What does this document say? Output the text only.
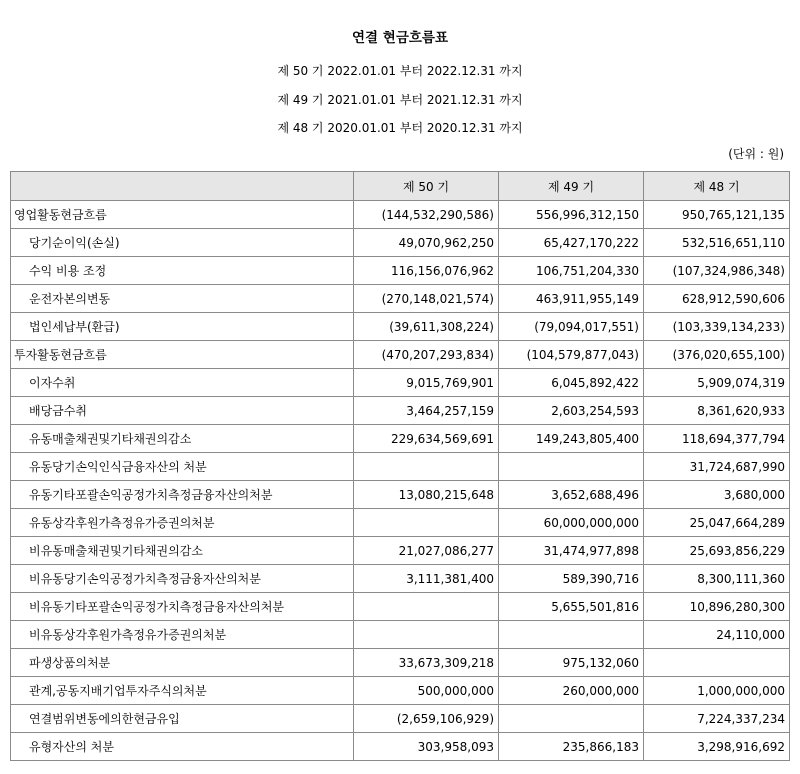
연결 현금흐름표
제 50 기 2022.01.01 부터 2022.12.31 까지
제 49 기 2021.01.01 부터 2021.12.31 까지
제 48 기 2020.01.01 부터 2020.12.31 까지
(단위 : 원)
	제 50 기	제 49 기	제 48 기
영업활동현금흐름	(144,532,290,586)	556,996,312,150	950,765,121,135
당기순이익(손실)	49,070,962,250	65,427,170,222	532,516,651,110
수익 비용 조정	116,156,076,962	106,751,204,330	(107,324,986,348)
운전자본의변동	(270,148,021,574)	463,911,955,149	628,912,590,606
법인세납부(환급)	(39,611,308,224)	(79,094,017,551)	(103,339,134,233)
투자활동현금흐름	(470,207,293,834)	(104,579,877,043)	(376,020,655,100)
이자수취	9,015,769,901	6,045,892,422	5,909,074,319
배당금수취	3,464,257,159	2,603,254,593	8,361,620,933
유동매출채권및기타채권의감소	229,634,569,691	149,243,805,400	118,694,377,794
유동당기손익인식금융자산의 처분			31,724,687,990
유동기타포괄손익공정가치측정금융자산의처분	13,080,215,648	3,652,688,496	3,680,000
유동상각후원가측정유가증권의처분		60,000,000,000	25,047,664,289
비유동매출채권및기타채권의감소	21,027,086,277	31,474,977,898	25,693,856,229
비유동당기손익공정가치측정금융자산의처분	3,111,381,400	589,390,716	8,300,111,360
비유동기타포괄손익공정가치측정금융자산의처분		5,655,501,816	10,896,280,300
비유동상각후원가측정유가증권의처분			24,110,000
파생상품의처분	33,673,309,218	975,132,060	
관계,공동지배기업투자주식의처분	500,000,000	260,000,000	1,000,000,000
연결범위변동에의한현금유입	(2,659,106,929)		7,224,337,234
유형자산의 처분	303,958,093	235,866,183	3,298,916,692
